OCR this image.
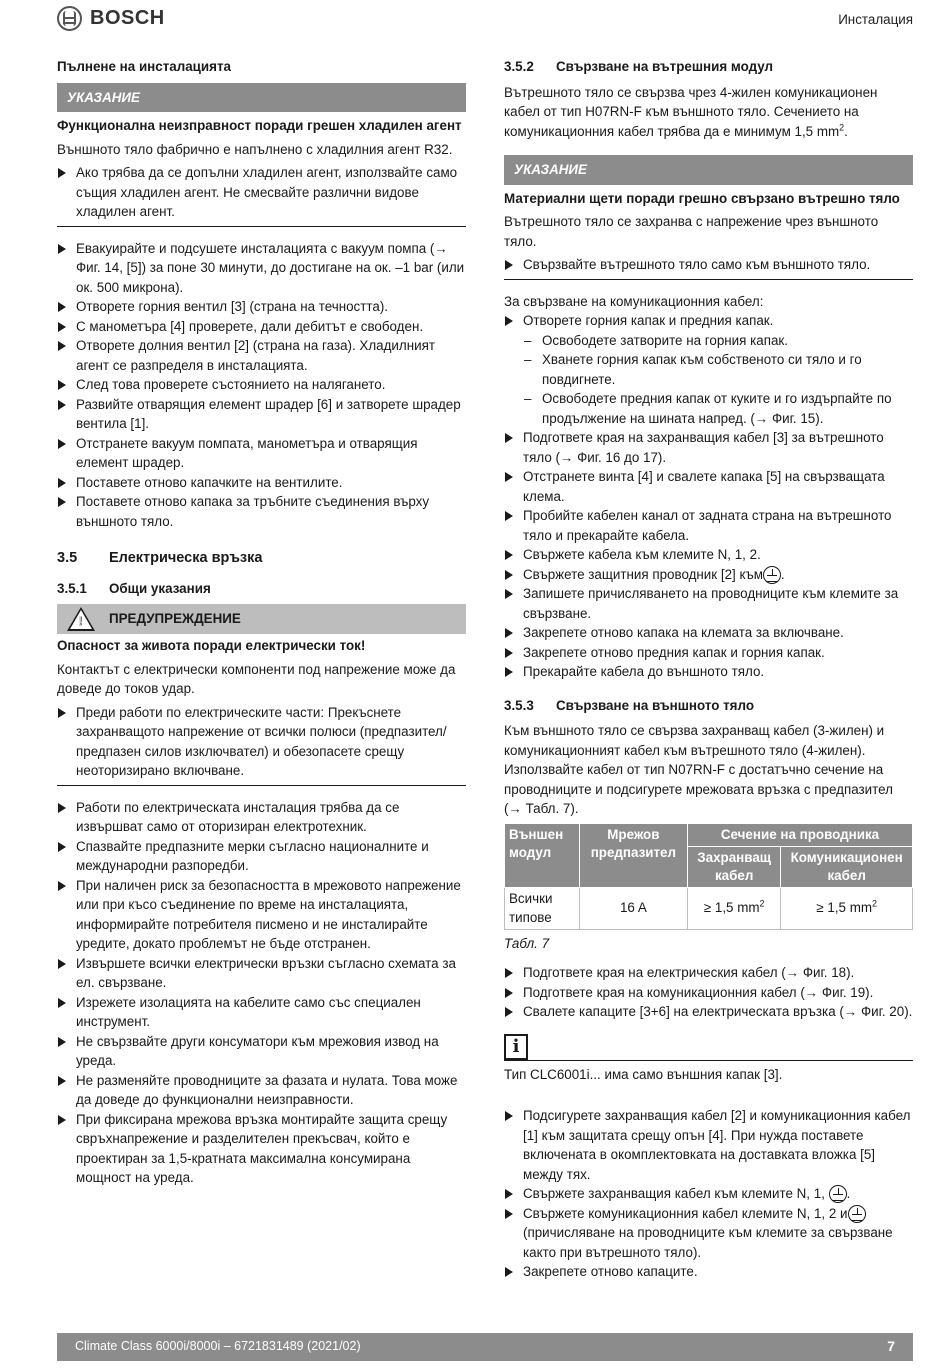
BOSCH	Инсталация

Пълнене на инсталацията

УКАЗАНИЕ

Функционална неизправност поради грешен хладилен агент

Външното тяло фабрично е напълнено с хладилния агент R32.

Ако трябва да се допълни хладилен агент, използвайте само същия хладилен агент. Не смесвайте различни видове хладилен агент.
Евакуирайте и подсушете инсталацията с вакуум помпа (→ Фиг. 14, [5]) за поне 30 минути, до достигане на ок. –1 bar (или ок. 500 микрона).
Отворете горния вентил [3] (страна на течността).
С манометъра [4] проверете, дали дебитът е свободен.
Отворете долния вентил [2] (страна на газа). Хладилният агент се разпределя в инсталацията.
След това проверете състоянието на налягането.
Развийте отварящия елемент шрадер [6] и затворете шрадер вентила [1].
Отстранете вакуум помпата, манометъра и отварящия елемент шрадер.
Поставете отново капачките на вентилите.
Поставете отново капака за тръбните съединения върху външното тяло.
3.5	Електрическа връзка
3.5.1	Общи указания
!
! ПРЕДУПРЕЖДЕНИЕ

Опасност за живота поради електрически ток!

Контактът с електрически компоненти под напрежение може да доведе до токов удар.

Преди работи по електрическите части: Прекъснете захранващото напрежение от всички полюси (предпазител/ предпазен силов изключвател) и обезопасете срещу неоторизирано включване.
Работи по електрическата инсталация трябва да се извършват само от оторизиран електротехник.
Спазвайте предпазните мерки съгласно националните и международни разпоредби.
При наличен риск за безопасността в мрежовото напрежение или при късо съединение по време на инсталацията, информирайте потребителя писмено и не инсталирайте уредите, докато проблемът не бъде отстранен.
Извършете всички електрически връзки съгласно схемата за ел. свързване.
Изрежете изолацията на кабелите само със специален инструмент.
Не свързвайте други консуматори към мрежовия извод на уреда.
Не разменяйте проводниците за фазата и нулата. Това може да доведе до функционални неизправности.
При фиксирана мрежова връзка монтирайте защита срещу свръхнапрежение и разделителен прекъсвач, който е проектиран за 1,5-кратната максимална консумирана мощност на уреда.
3.5.2	Свързване на вътрешния модул

Вътрешното тяло се свързва чрез 4-жилен комуникационен кабел от тип H07RN-F към външното тяло. Сечението на комуникационния кабел трябва да е минимум 1,5 $mm^2$.

УКАЗАНИЕ

Материални щети поради грешно свързано вътрешно тяло

Вътрешното тяло се захранва с напрежение чрез външното тяло.

Свързвайте вътрешното тяло само към външното тяло.

За свързване на комуникационния кабел:

Отворете горния капак и предния капак.
– Освободете затворите на горния капак.
– Хванете горния капак към собственото си тяло и го повдигнете.
– Освободете предния капак от куките и го издърпайте по продължение на шината напред. (→ Фиг. 15).
Подгответе края на захранващия кабел [3] за вътрешното тяло (→ Фиг. 16 до 17).
Отстранете винта [4] и свалете капака [5] на свързващата клема.
Пробийте кабелен канал от задната страна на вътрешното тяло и прекарайте кабела.
Свържете кабела към клемите N, 1, 2.
Свържете защитния проводник [2] към .
Запишете причисляването на проводниците към клемите за свързване.
Закрепете отново капака на клемата за включване.
Закрепете отново предния капак и горния капак.
Прекарайте кабела до външното тяло.
3.5.3	Свързване на външното тяло

Към външното тяло се свързва захранващ кабел (3-жилен) и комуникационният кабел към вътрешното тяло (4-жилен). Използвайте кабел от тип N07RN-F с достатъчно сечение на проводниците и подсигурете мрежовата връзка с предпазител (→ Табл. 7).

Външен модул	Мрежов предпазител	Сечение на проводника	
		Захранващ кабел	Комуникационен кабел
Всички типове	16 A	≥ 1,5 $mm^2$	≥ 1,5 $mm^2$

Табл. 7

Подгответе края на електрическия кабел (→ Фиг. 18).
Подгответе края на комуникационния кабел (→ Фиг. 19).
Свалете капаците [3+6] на електрическата връзка (→ Фиг. 20).
i

Тип CLC6001i... има само външния капак [3].

Подсигурете захранващия кабел [2] и комуникационния кабел [1] към защитата срещу опън [4]. При нужда поставете включената в окомплектовката на доставката вложка [5] между тях.
Свържете захранващия кабел към клемите N, 1, .
Свържете комуникационния кабел клемите N, 1, 2 и (причисляване на проводниците към клемите за свързване както при вътрешното тяло).
Закрепете отново капаците.
Climate Class 6000i/8000i – 6721831489 (2021/02)	7
